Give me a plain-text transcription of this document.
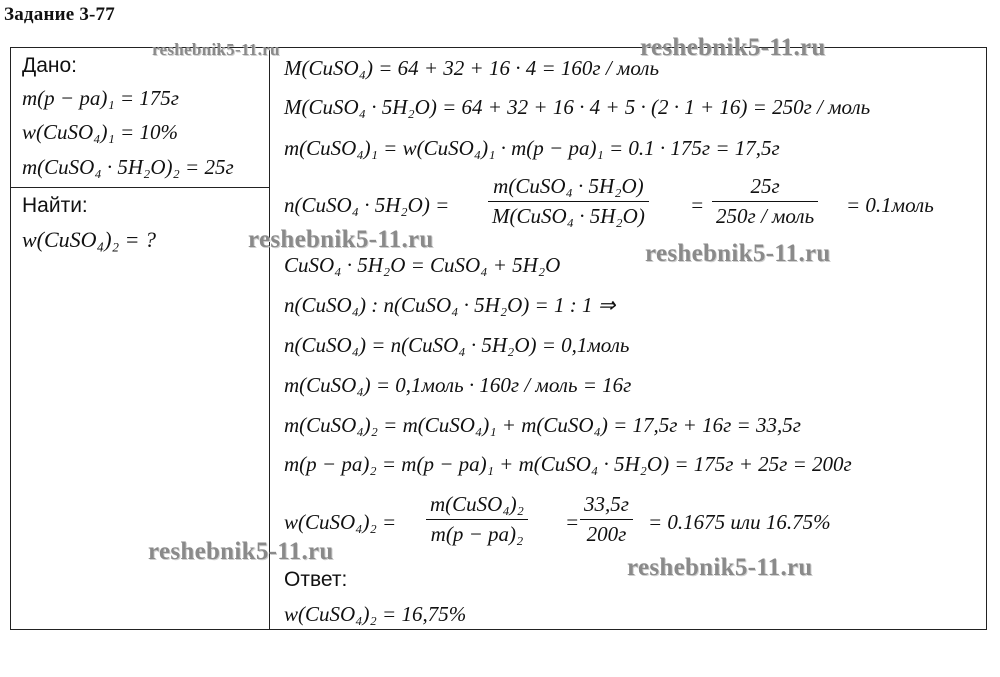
Задание 3-77
Дано:
m(p − pa)₁ = 175г
w(CuSO₄)₁ = 10%
m(CuSO₄ · 5H₂O)₂ = 25г
Найти:
w(CuSO₄)₂ = ?
M(CuSO₄) = 64 + 32 + 16 · 4 = 160г / моль
M(CuSO₄ · 5H₂O) = 64 + 32 + 16 · 4 + 5 · (2 · 1 + 16) = 250г / моль
m(CuSO₄)₁ = w(CuSO₄)₁ · m(p − pa)₁ = 0.1 · 175г = 17,5г
n(CuSO₄ · 5H₂O) =
m(CuSO₄ · 5H₂O)
M(CuSO₄ · 5H₂O) =
25г
250г / моль = 0.1моль
CuSO₄ · 5H₂O = CuSO₄ + 5H₂O
n(CuSO₄) : n(CuSO₄ · 5H₂O) = 1 : 1 ⇒
n(CuSO₄) = n(CuSO₄ · 5H₂O) = 0,1моль
m(CuSO₄) = 0,1моль · 160г / моль = 16г
m(CuSO₄)₂ = m(CuSO₄)₁ + m(CuSO₄) = 17,5г + 16г = 33,5г
m(p − pa)₂ = m(p − pa)₁ + m(CuSO₄ · 5H₂O) = 175г + 25г = 200г
w(CuSO₄)₂ =
m(CuSO₄)₂
m(p − pa)₂ =
33,5г
200г = 0.1675 или 16.75%
Ответ:
w(CuSO₄)₂ = 16,75%
reshebnik5-11.ru	reshebnik5-11.ru
reshebnik5-11.ru
reshebnik5-11.ru
reshebnik5-11.ru
reshebnik5-11.ru
